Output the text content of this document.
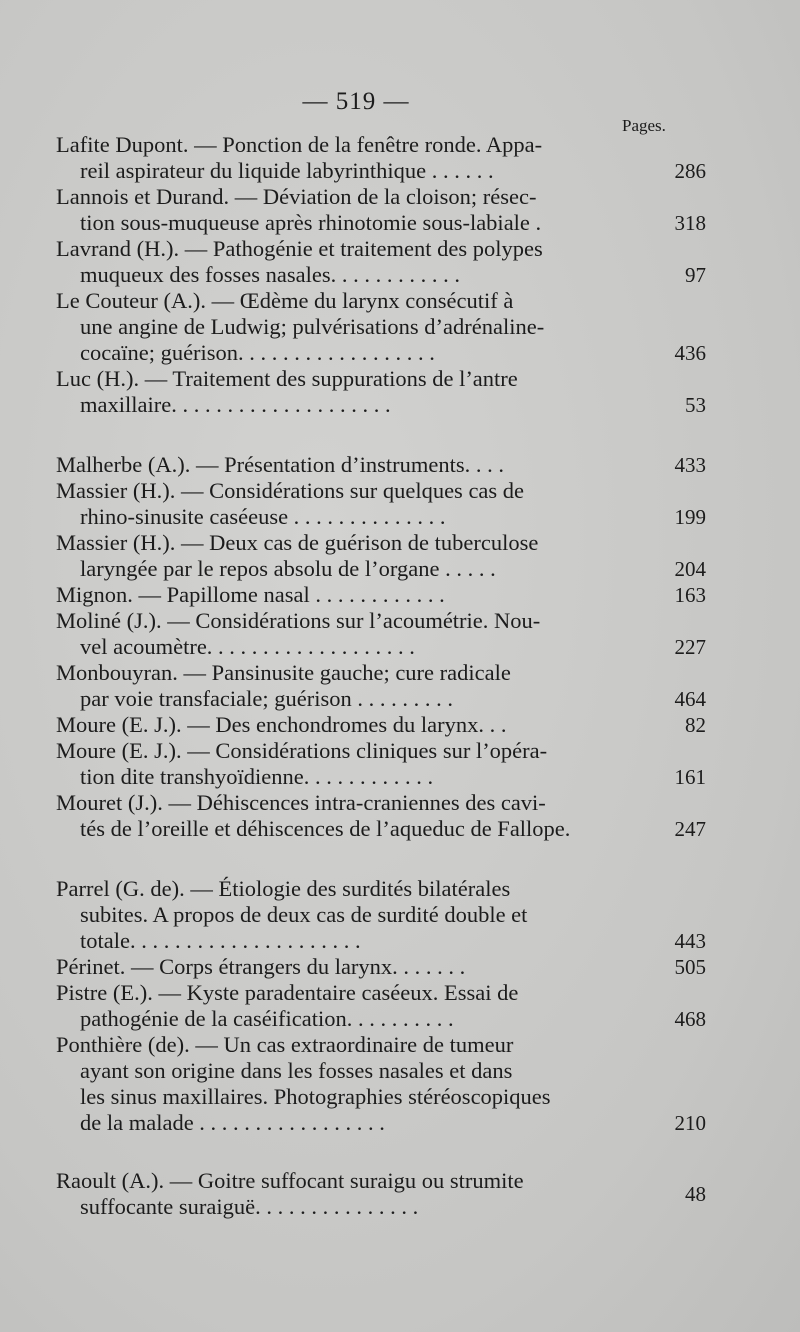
— 519 —
Pages.
Lafite Dupont. — Ponction de la fenêtre ronde. Appa-
reil aspirateur du liquide labyrinthique . . . . . .	286
Lannois et Durand. — Déviation de la cloison; résec-
tion sous-muqueuse après rhinotomie sous-labiale .	318
Lavrand (H.). — Pathogénie et traitement des polypes
muqueux des fosses nasales. . . . . . . . . . . .	97
Le Couteur (A.). — Œdème du larynx consécutif à
une angine de Ludwig; pulvérisations d’adrénaline-
cocaïne; guérison. . . . . . . . . . . . . . . . . .	436
Luc (H.). — Traitement des suppurations de l’antre
maxillaire. . . . . . . . . . . . . . . . . . . .	53
Malherbe (A.). — Présentation d’instruments. . . .	433
Massier (H.). — Considérations sur quelques cas de
rhino-sinusite caséeuse . . . . . . . . . . . . . .	199
Massier (H.). — Deux cas de guérison de tuberculose
laryngée par le repos absolu de l’organe . . . . .	204
Mignon. — Papillome nasal . . . . . . . . . . . .	163
Moliné (J.). — Considérations sur l’acoumétrie. Nou-
vel acoumètre. . . . . . . . . . . . . . . . . . .	227
Monbouyran. — Pansinusite gauche; cure radicale
par voie transfaciale; guérison . . . . . . . . .	464
Moure (E. J.). — Des enchondromes du larynx. . .	82
Moure (E. J.). — Considérations cliniques sur l’opéra-
tion dite transhyoïdienne. . . . . . . . . . . .	161
Mouret (J.). — Déhiscences intra-craniennes des cavi-
tés de l’oreille et déhiscences de l’aqueduc de Fallope.	247
Parrel (G. de). — Étiologie des surdités bilatérales
subites. A propos de deux cas de surdité double et
totale. . . . . . . . . . . . . . . . . . . . .	443
Périnet. — Corps étrangers du larynx. . . . . . .	505
Pistre (E.). — Kyste paradentaire caséeux. Essai de
pathogénie de la caséification. . . . . . . . . .	468
Ponthière (de). — Un cas extraordinaire de tumeur
ayant son origine dans les fosses nasales et dans
les sinus maxillaires. Photographies stéréoscopiques
de la malade . . . . . . . . . . . . . . . . .	210
Raoult (A.). — Goitre suffocant suraigu ou strumite
suffocante suraiguë. . . . . . . . . . . . . . .	48
